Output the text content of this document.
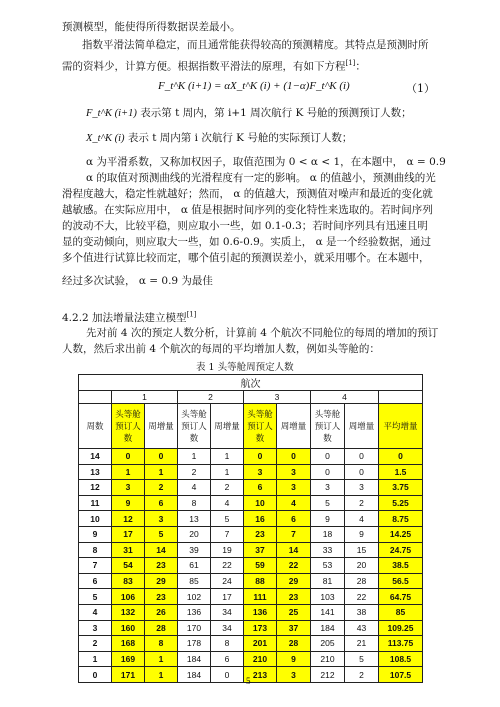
预测模型，能使得所得数据误差最小。
指数平滑法简单稳定，而且通常能获得较高的预测精度。其特点是预测时所
需的资料少，计算方便。根据指数平滑法的原理，有如下方程[1]：
F_t^K (i+1) = αX_t^K (i) + (1−α)F_t^K (i)	（1）
F_t^K (i+1) 表示第 t 周内，第 i+1 周次航行 K 号舱的预测预订人数；
X_t^K (i) 表示 t 周内第 i 次航行 K 号舱的实际预订人数；
α 为平滑系数，又称加权因子，取值范围为 0 < α < 1，在本题中， α = 0.9
α 的取值对预测曲线的光滑程度有一定的影响。 α 的值越小，预测曲线的光
滑程度越大，稳定性就越好；然而， α 的值越大，预测值对噪声和最近的变化就
越敏感。在实际应用中， α 值是根据时间序列的变化特性来选取的。若时间序列
的波动不大，比较平稳，则应取小一些，如 0.1-0.3；若时间序列具有迅速且明
显的变动倾向，则应取大一些，如 0.6-0.9。实质上， α 是一个经验数据，通过
多个值进行试算比较而定，哪个值引起的预测误差小，就采用哪个。在本题中，
经过多次试验， α = 0.9 为最佳
4.2.2 加法增量法建立模型[1]
先对前 4 次的预定人数分析，计算前 4 个航次不同舱位的每周的增加的预订
人数，然后求出前 4 个航次的每周的平均增加人数，例如头等舱的：
表 1 头等舱周预定人数
航次									
	1		2		3		4		
周数	头等舱预订人数	周增量	头等舱预订人数	周增量	头等舱预订人数	周增量	头等舱预订人数	周增量	平均增量
14	0	0	1	1	0	0	0	0	0
13	1	1	2	1	3	3	0	0	1.5
12	3	2	4	2	6	3	3	3	3.75
11	9	6	8	4	10	4	5	2	5.25
10	12	3	13	5	16	6	9	4	8.75
9	17	5	20	7	23	7	18	9	14.25
8	31	14	39	19	37	14	33	15	24.75
7	54	23	61	22	59	22	53	20	38.5
6	83	29	85	24	88	29	81	28	56.5
5	106	23	102	17	111	23	103	22	64.75
4	132	26	136	34	136	25	141	38	85
3	160	28	170	34	173	37	184	43	109.25
2	168	8	178	8	201	28	205	21	113.75
1	169	1	184	6	210	9	210	5	108.5
0	171	1	184	0	213	3	212	2	107.5
5
